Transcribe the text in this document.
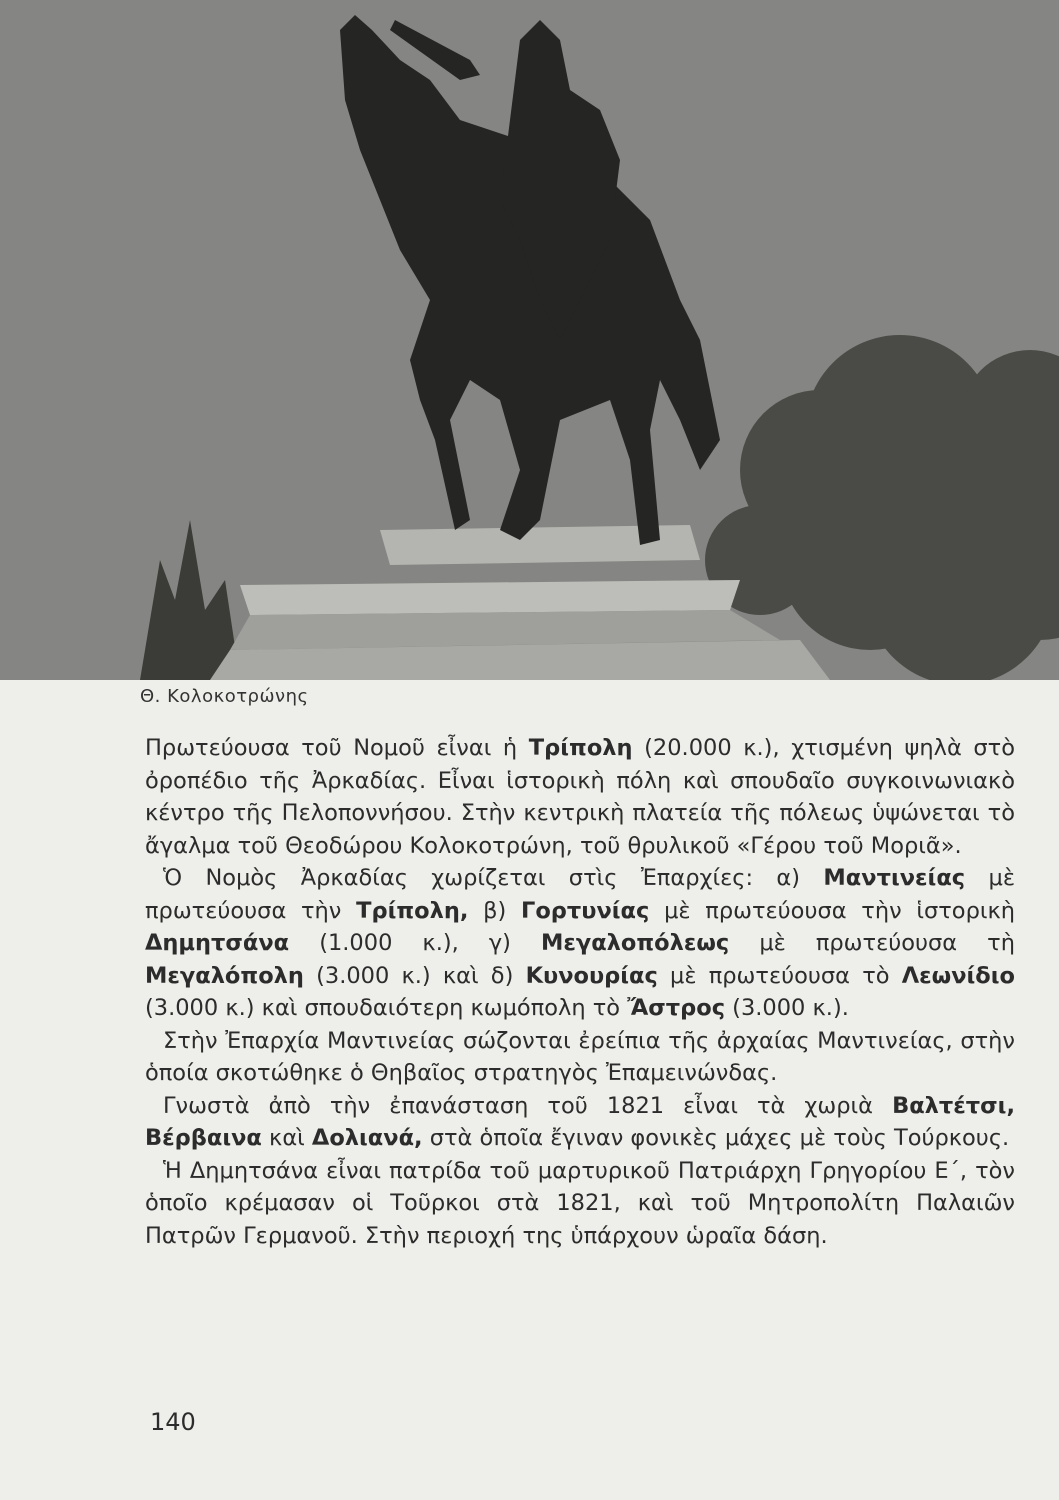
Θ. Κολοκοτρώνης

Πρωτεύουσα τοῦ Νομοῦ εἶναι ἡ Τρίπολη (20.000 κ.), χτισμένη ψηλὰ στὸ ὀροπέδιο τῆς Ἀρκαδίας. Εἶναι ἱστορικὴ πόλη καὶ σπουδαῖο συγκοινωνιακὸ κέντρο τῆς Πελοποννήσου. Στὴν κεντρικὴ πλατεία τῆς πόλεως ὑψώνεται τὸ ἄγαλμα τοῦ Θεοδώρου Κολοκοτρώνη, τοῦ θρυλικοῦ «Γέρου τοῦ Μοριᾶ».

Ὁ Νομὸς Ἀρκαδίας χωρίζεται στὶς Ἐπαρχίες: α) Μαντινείας μὲ πρωτεύουσα τὴν Τρίπολη, β) Γορτυνίας μὲ πρωτεύουσα τὴν ἱστορικὴ Δημητσάνα (1.000 κ.), γ) Μεγαλοπόλεως μὲ πρωτεύουσα τὴ Μεγαλόπολη (3.000 κ.) καὶ δ) Κυνουρίας μὲ πρωτεύουσα τὸ Λεωνίδιο (3.000 κ.) καὶ σπουδαιότερη κωμόπολη τὸ Ἄστρος (3.000 κ.).

Στὴν Ἐπαρχία Μαντινείας σώζονται ἐρείπια τῆς ἀρχαίας Μαντινείας, στὴν ὁποία σκοτώθηκε ὁ Θηβαῖος στρατηγὸς Ἐπαμεινώνδας.

Γνωστὰ ἀπὸ τὴν ἐπανάσταση τοῦ 1821 εἶναι τὰ χωριὰ Βαλτέτσι, Βέρβαινα καὶ Δολιανά, στὰ ὁποῖα ἔγιναν φονικὲς μάχες μὲ τοὺς Τούρκους.

Ἡ Δημητσάνα εἶναι πατρίδα τοῦ μαρτυρικοῦ Πατριάρχη Γρηγορίου Ε΄, τὸν ὁποῖο κρέμασαν οἱ Τοῦρκοι στὰ 1821, καὶ τοῦ Μητροπολίτη Παλαιῶν Πατρῶν Γερμανοῦ. Στὴν περιοχή της ὑπάρχουν ὡραῖα δάση.

140
